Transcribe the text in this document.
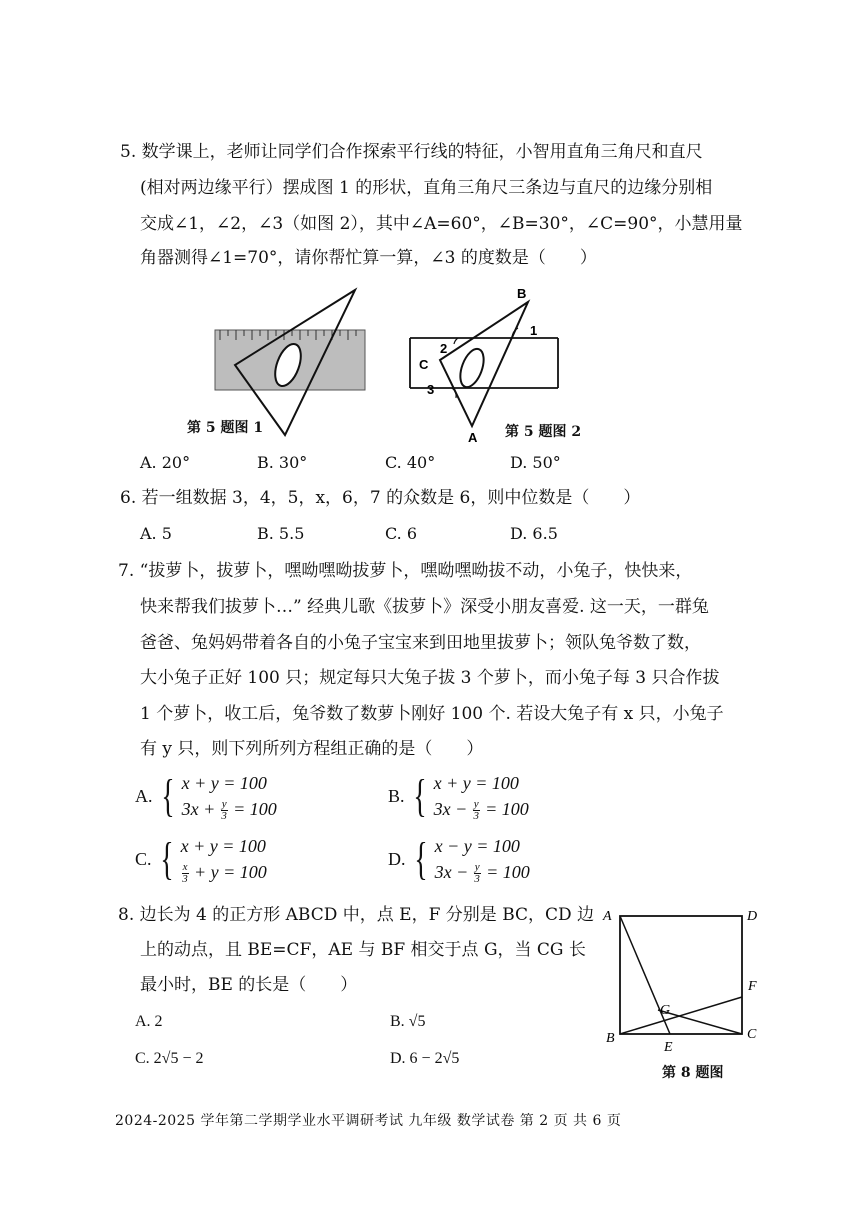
5. 数学课上，老师让同学们合作探索平行线的特征，小智用直角三角尺和直尺
(相对两边缘平行）摆成图 1 的形状，直角三角尺三条边与直尺的边缘分别相
交成∠1，∠2，∠3（如图 2），其中∠A=60°，∠B=30°，∠C=90°，小慧用量
角器测得∠1=70°，请你帮忙算一算，∠3 的度数是（　　）
第 5 题图 1
B
A
C
1
2
3
第 5 题图 2
A. 20°	B. 30°	C. 40°	D. 50°
6. 若一组数据 3，4，5，x，6，7 的众数是 6，则中位数是（　　）
A. 5	B. 5.5	C. 6	D. 6.5
7. “拔萝卜，拔萝卜，嘿呦嘿呦拔萝卜，嘿呦嘿呦拔不动，小兔子，快快来，
快来帮我们拔萝卜…” 经典儿歌《拔萝卜》深受小朋友喜爱. 这一天，一群兔
爸爸、兔妈妈带着各自的小兔子宝宝来到田地里拔萝卜；领队兔爷数了数，
大小兔子正好 100 只；规定每只大兔子拔 3 个萝卜，而小兔子每 3 只合作拔
1 个萝卜，收工后，兔爷数了数萝卜刚好 100 个. 若设大兔子有 x 只，小兔子
有 y 只，则下列所列方程组正确的是（　　）
A. { x + y = 100
$3x + \frac{y}{3} = 100$
B. { x + y = 100
$3x - \frac{y}{3} = 100$
C. { x + y = 100
$\frac{x}{3} + y = 100$
D. { x − y = 100
$3x - \frac{y}{3} = 100$
8. 边长为 4 的正方形 ABCD 中，点 E，F 分别是 BC，CD 边
上的动点，且 BE=CF，AE 与 BF 相交于点 G，当 CG 长
最小时，BE 的长是（　　）
A. 2	B. √5
C. 2√5 − 2	D. 6 − 2√5
A	D
B	C
E
F
G
第 8 题图
2024-2025 学年第二学期学业水平调研考试 九年级 数学试卷 第 2 页 共 6 页
